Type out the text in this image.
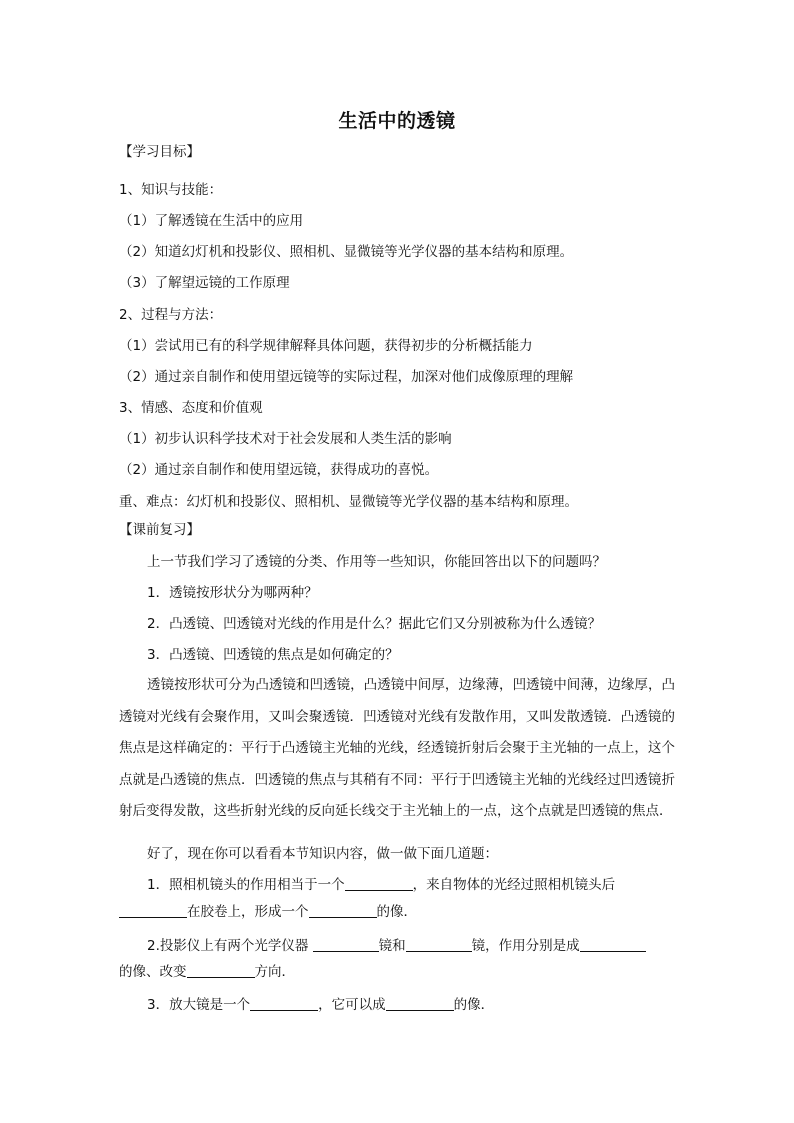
生活中的透镜
【学习目标】
1、知识与技能：
（1）了解透镜在生活中的应用
（2）知道幻灯机和投影仪、照相机、显微镜等光学仪器的基本结构和原理。
（3）了解望远镜的工作原理
2、过程与方法：
（1）尝试用已有的科学规律解释具体问题，获得初步的分析概括能力
（2）通过亲自制作和使用望远镜等的实际过程，加深对他们成像原理的理解
3、情感、态度和价值观
（1）初步认识科学技术对于社会发展和人类生活的影响
（2）通过亲自制作和使用望远镜，获得成功的喜悦。
重、难点：幻灯机和投影仪、照相机、显微镜等光学仪器的基本结构和原理。
【课前复习】
上一节我们学习了透镜的分类、作用等一些知识，你能回答出以下的问题吗？
1．透镜按形状分为哪两种？
2．凸透镜、凹透镜对光线的作用是什么？据此它们又分别被称为什么透镜？
3．凸透镜、凹透镜的焦点是如何确定的？
透镜按形状可分为凸透镜和凹透镜，凸透镜中间厚，边缘薄，凹透镜中间薄，边缘厚，凸透镜对光线有会聚作用，又叫会聚透镜．凹透镜对光线有发散作用，又叫发散透镜．凸透镜的焦点是这样确定的：平行于凸透镜主光轴的光线，经透镜折射后会聚于主光轴的一点上，这个点就是凸透镜的焦点．凹透镜的焦点与其稍有不同：平行于凹透镜主光轴的光线经过凹透镜折射后变得发散，这些折射光线的反向延长线交于主光轴上的一点，这个点就是凹透镜的焦点．
好了，现在你可以看看本节知识内容，做一做下面几道题：
1．照相机镜头的作用相当于一个	，来自物体的光经过照相机镜头后
在胶卷上，形成一个	的像．
2.投影仪上有两个光学仪器	镜和	镜，作用分别是成
的像、改变	方向．
3．放大镜是一个	，它可以成	的像．
